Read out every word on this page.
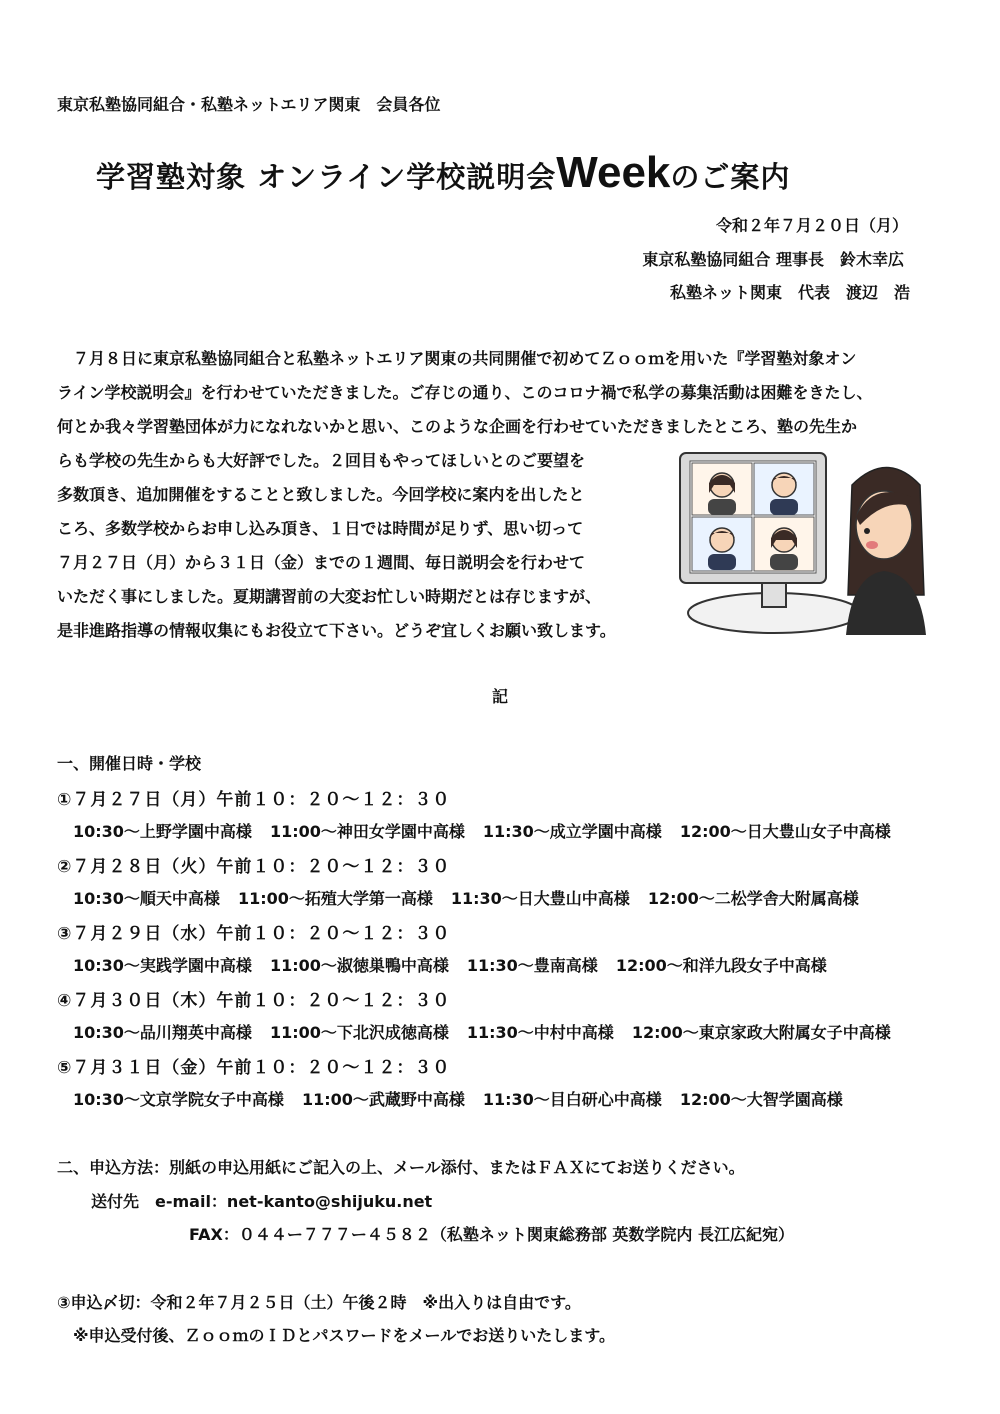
東京私塾協同組合・私塾ネットエリア関東　会員各位
学習塾対象 オンライン学校説明会Weekのご案内
令和２年７月２０日（月）
東京私塾協同組合 理事長　鈴木幸広
私塾ネット関東　代表　渡辺　浩
　７月８日に東京私塾協同組合と私塾ネットエリア関東の共同開催で初めてＺｏｏｍを用いた『学習塾対象オン
ライン学校説明会』を行わせていただきました。ご存じの通り、このコロナ禍で私学の募集活動は困難をきたし、
何とか我々学習塾団体が力になれないかと思い、このような企画を行わせていただきましたところ、塾の先生か
らも学校の先生からも大好評でした。２回目もやってほしいとのご要望を
多数頂き、追加開催をすることと致しました。今回学校に案内を出したと
ころ、多数学校からお申し込み頂き、１日では時間が足りず、思い切って
７月２７日（月）から３１日（金）までの１週間、毎日説明会を行わせて
いただく事にしました。夏期講習前の大変お忙しい時期だとは存じますが、
是非進路指導の情報収集にもお役立て下さい。どうぞ宜しくお願い致します。
記
一、開催日時・学校
①７月２７日（月）午前１０：２０～１２：３０
10:30～上野学園中高様 11:00～神田女学園中高様 11:30～成立学園中高様 12:00～日大豊山女子中高様
②７月２８日（火）午前１０：２０～１２：３０
10:30～順天中高様 11:00～拓殖大学第一高様 11:30～日大豊山中高様 12:00～二松学舎大附属高様
③７月２９日（水）午前１０：２０～１２：３０
10:30～実践学園中高様 11:00～淑徳巣鴨中高様 11:30～豊南高様 12:00～和洋九段女子中高様
④７月３０日（木）午前１０：２０～１２：３０
10:30～品川翔英中高様 11:00～下北沢成徳高様 11:30～中村中高様 12:00～東京家政大附属女子中高様
⑤７月３１日（金）午前１０：２０～１２：３０
10:30～文京学院女子中高様 11:00～武蔵野中高様 11:30～目白研心中高様 12:00～大智学園高様
二、申込方法：別紙の申込用紙にご記入の上、メール添付、またはＦＡＸにてお送りください。
送付先　e-mail：net-kanto@shijuku.net
FAX：０４４ー７７７ー４５８２（私塾ネット関東総務部 英数学院内 長江広紀宛）
③申込〆切：令和２年７月２５日（土）午後２時　※出入りは自由です。
※申込受付後、ＺｏｏｍのＩＤとパスワードをメールでお送りいたします。
